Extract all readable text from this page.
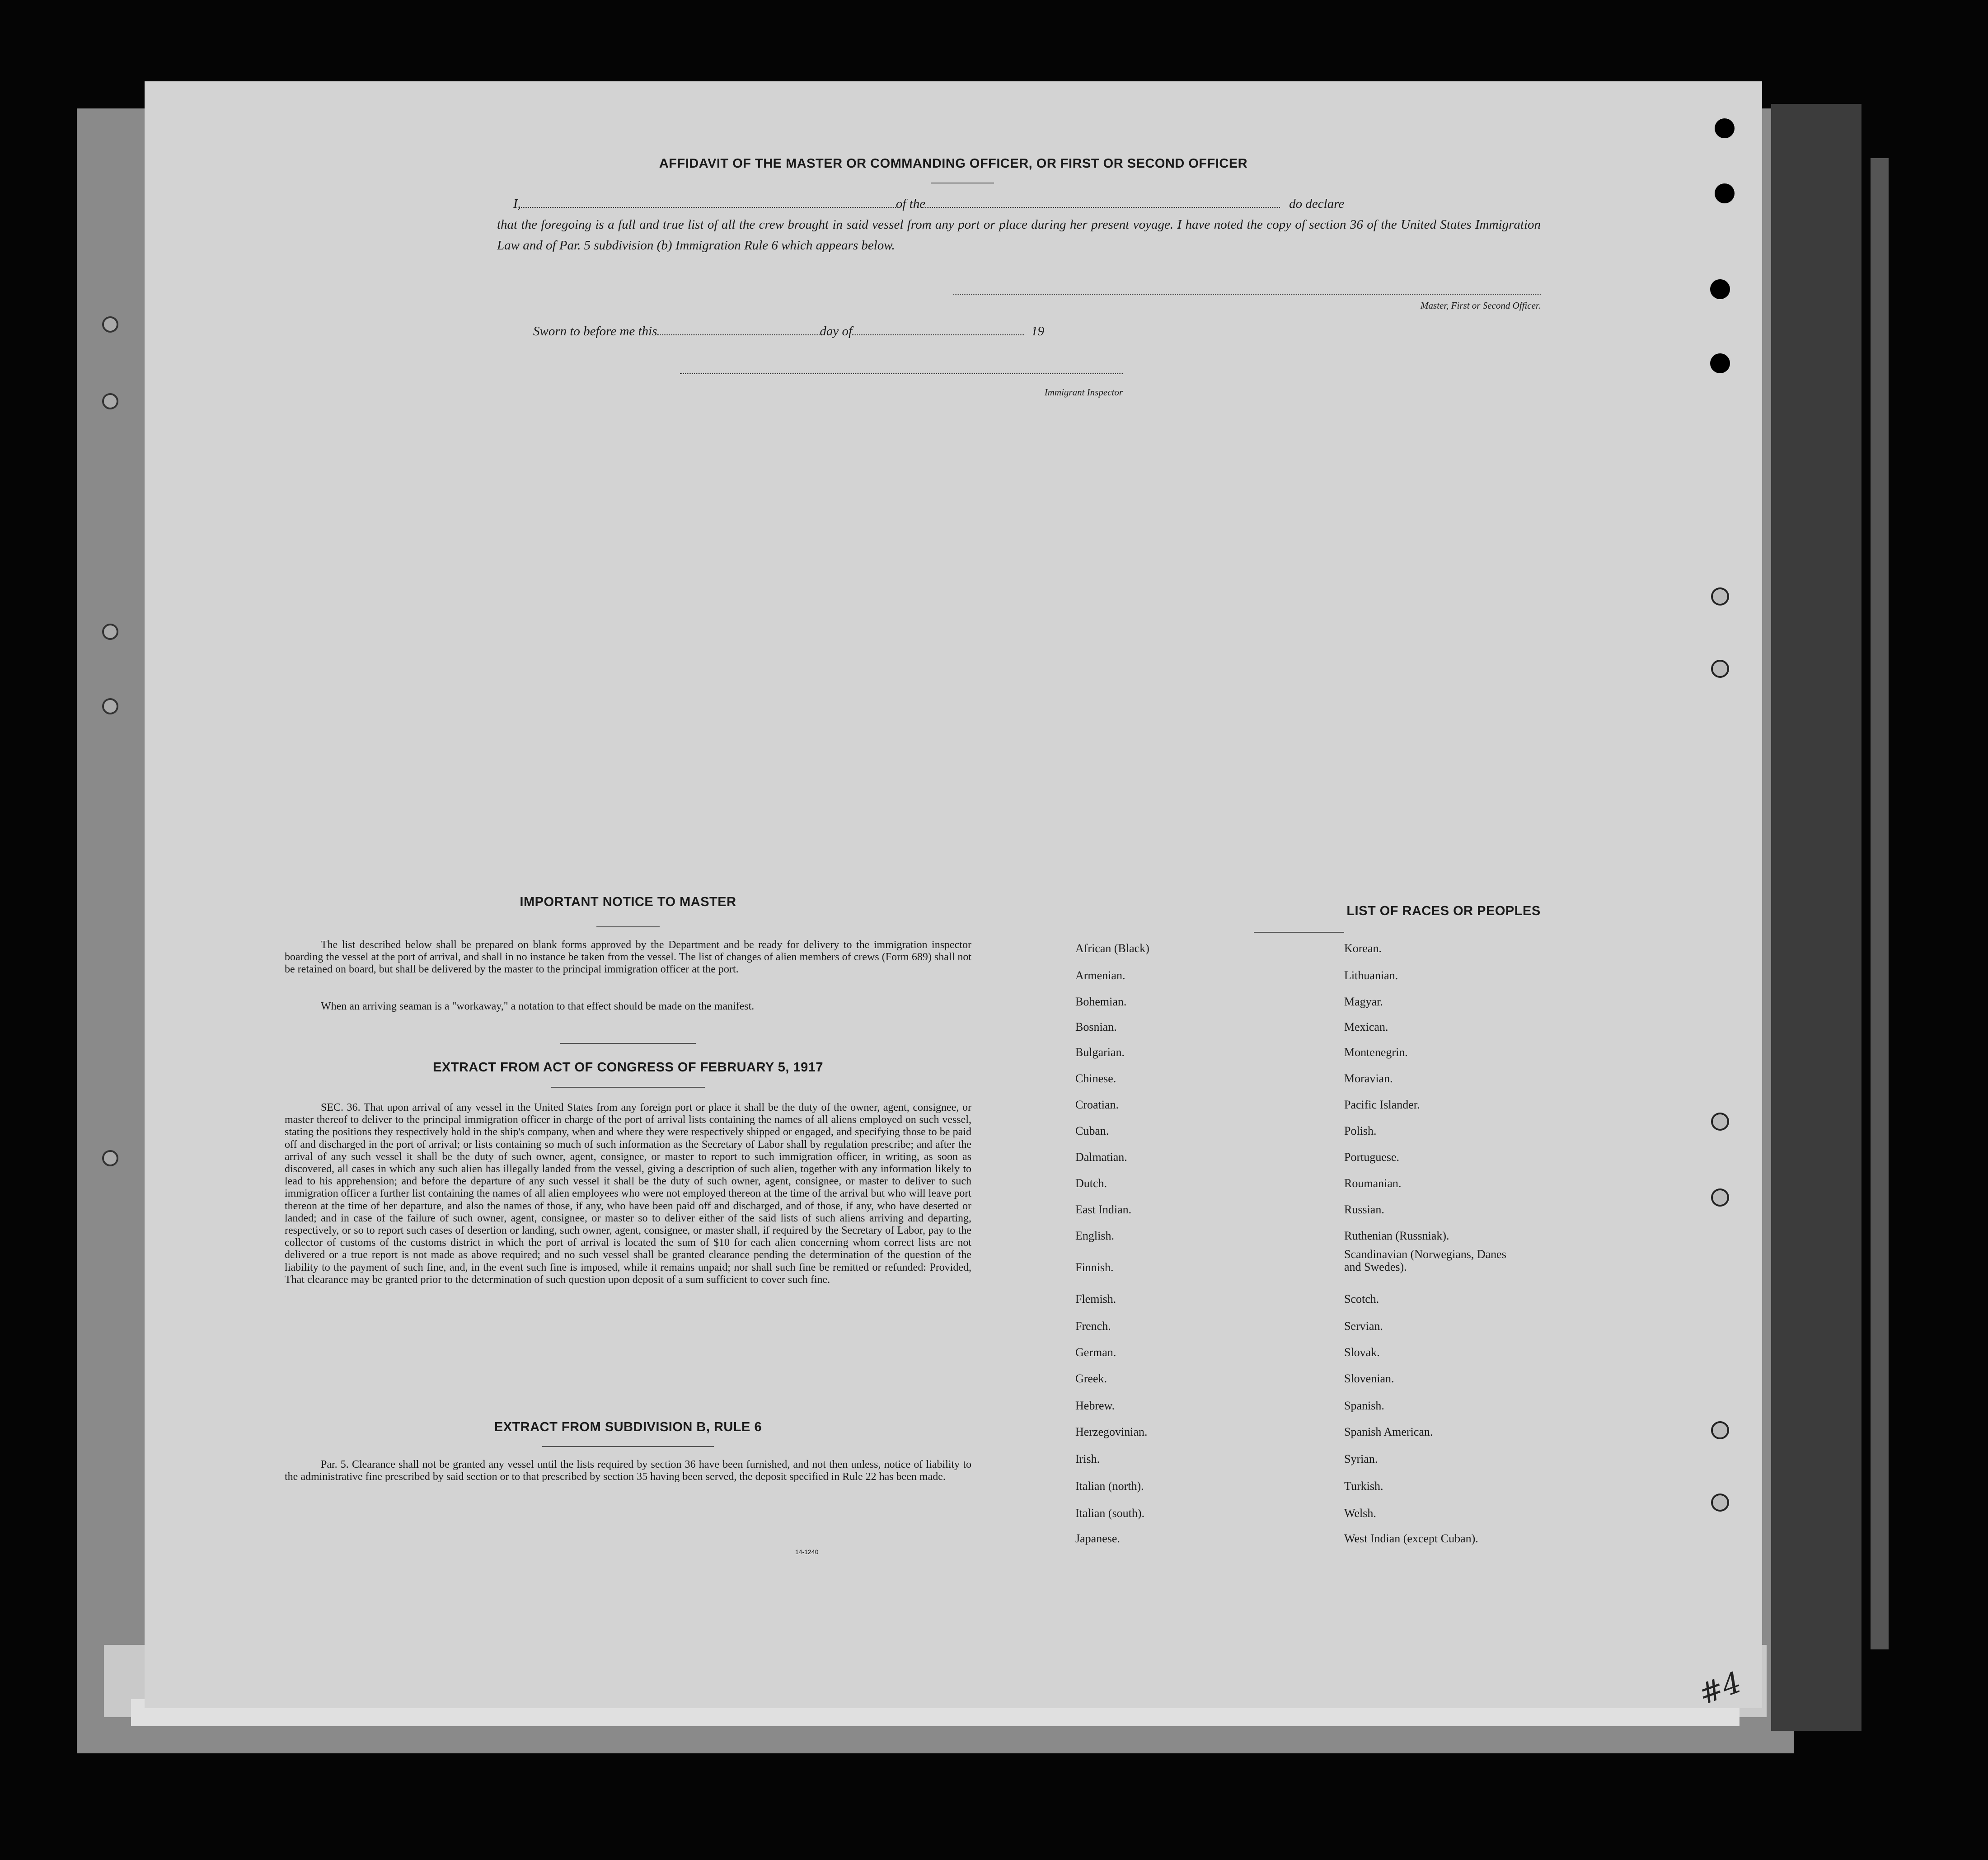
AFFIDAVIT OF THE MASTER OR COMMANDING OFFICER, OR FIRST OR SECOND OFFICER
I,	of the	do declare
that the foregoing is a full and true list of all the crew brought in said vessel from any port or place during her present voyage. I have noted the copy of section 36 of the United States Immigration Law and of Par. 5 subdivision (b) Immigration Rule 6 which appears below.
Master, First or Second Officer.
Sworn to before me this	day of	19
Immigrant Inspector
IMPORTANT NOTICE TO MASTER
The list described below shall be prepared on blank forms approved by the Department and be ready for delivery to the immigration inspector boarding the vessel at the port of arrival, and shall in no instance be taken from the vessel. The list of changes of alien members of crews (Form 689) shall not be retained on board, but shall be delivered by the master to the principal immigration officer at the port.
When an arriving seaman is a "workaway," a notation to that effect should be made on the manifest.
EXTRACT FROM ACT OF CONGRESS OF FEBRUARY 5, 1917
SEC. 36. That upon arrival of any vessel in the United States from any foreign port or place it shall be the duty of the owner, agent, consignee, or master thereof to deliver to the principal immigration officer in charge of the port of arrival lists containing the names of all aliens employed on such vessel, stating the positions they respectively hold in the ship's company, when and where they were respectively shipped or engaged, and specifying those to be paid off and discharged in the port of arrival; or lists containing so much of such information as the Secretary of Labor shall by regulation prescribe; and after the arrival of any such vessel it shall be the duty of such owner, agent, consignee, or master to report to such immigration officer, in writing, as soon as discovered, all cases in which any such alien has illegally landed from the vessel, giving a description of such alien, together with any information likely to lead to his apprehension; and before the departure of any such vessel it shall be the duty of such owner, agent, consignee, or master to deliver to such immigration officer a further list containing the names of all alien employees who were not employed thereon at the time of the arrival but who will leave port thereon at the time of her departure, and also the names of those, if any, who have been paid off and discharged, and of those, if any, who have deserted or landed; and in case of the failure of such owner, agent, consignee, or master so to deliver either of the said lists of such aliens arriving and departing, respectively, or so to report such cases of desertion or landing, such owner, agent, consignee, or master shall, if required by the Secretary of Labor, pay to the collector of customs of the customs district in which the port of arrival is located the sum of $10 for each alien concerning whom correct lists are not delivered or a true report is not made as above required; and no such vessel shall be granted clearance pending the determination of the question of the liability to the payment of such fine, and, in the event such fine is imposed, while it remains unpaid; nor shall such fine be remitted or refunded: Provided, That clearance may be granted prior to the determination of such question upon deposit of a sum sufficient to cover such fine.
EXTRACT FROM SUBDIVISION B, RULE 6
Par. 5. Clearance shall not be granted any vessel until the lists required by section 36 have been furnished, and not then unless, notice of liability to the administrative fine prescribed by said section or to that prescribed by section 35 having been served, the deposit specified in Rule 22 has been made.
14-1240
LIST OF RACES OR PEOPLES
African (Black)
Armenian.
Bohemian.
Bosnian.
Bulgarian.
Chinese.
Croatian.
Cuban.
Dalmatian.
Dutch.
East Indian.
English.
Finnish.
Flemish.
French.
German.
Greek.
Hebrew.
Herzegovinian.
Irish.
Italian (north).
Italian (south).
Japanese.
Korean.
Lithuanian.
Magyar.
Mexican.
Montenegrin.
Moravian.
Pacific Islander.
Polish.
Portuguese.
Roumanian.
Russian.
Ruthenian (Russniak).
Scandinavian (Norwegians, Danes and Swedes).
Scotch.
Servian.
Slovak.
Slovenian.
Spanish.
Spanish American.
Syrian.
Turkish.
Welsh.
West Indian (except Cuban).
#4
